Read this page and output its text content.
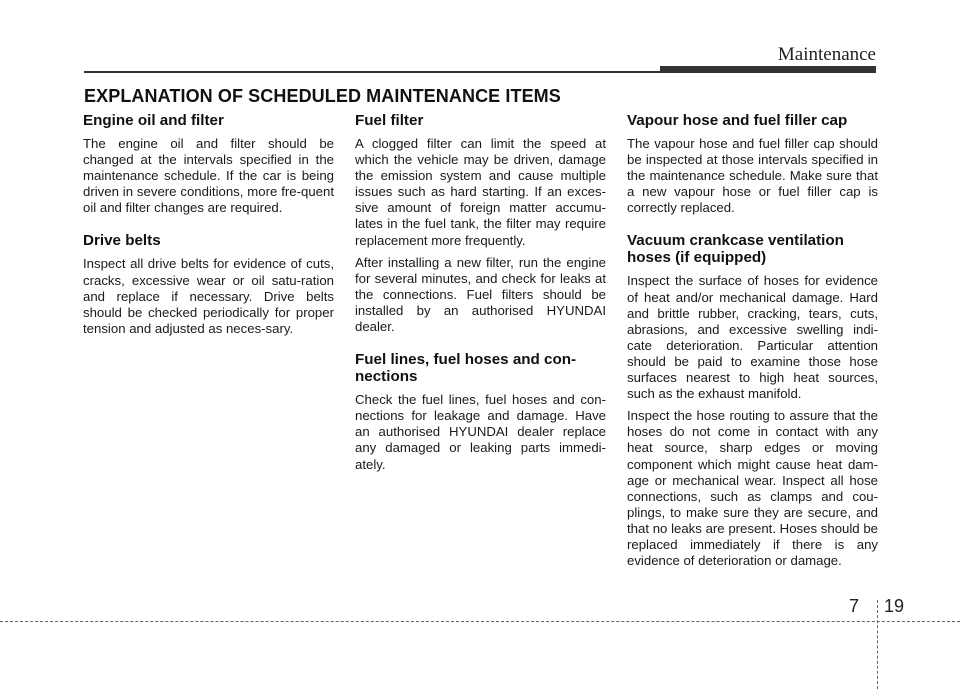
Maintenance
EXPLANATION OF SCHEDULED MAINTENANCE ITEMS
Engine oil and filter

The engine oil and filter should be changed at the intervals specified in the maintenance schedule. If the car is being driven in severe conditions, more fre-quent oil and filter changes are required.

Drive belts

Inspect all drive belts for evidence of cuts, cracks, excessive wear or oil satu-ration and replace if necessary. Drive belts should be checked periodically for proper tension and adjusted as neces-sary.

Fuel filter

A clogged filter can limit the speed at which the vehicle may be driven, damage the emission system and cause multiple issues such as hard starting. If an exces-sive amount of foreign matter accumu-lates in the fuel tank, the filter may require replacement more frequently.

After installing a new filter, run the engine for several minutes, and check for leaks at the connections. Fuel filters should be installed by an authorised HYUNDAI dealer.

Fuel lines, fuel hoses and con-nections

Check the fuel lines, fuel hoses and con-nections for leakage and damage. Have an authorised HYUNDAI dealer replace any damaged or leaking parts immedi-ately.

Vapour hose and fuel filler cap

The vapour hose and fuel filler cap should be inspected at those intervals specified in the maintenance schedule. Make sure that a new vapour hose or fuel filler cap is correctly replaced.

Vacuum crankcase ventilation hoses (if equipped)

Inspect the surface of hoses for evidence of heat and/or mechanical damage. Hard and brittle rubber, cracking, tears, cuts, abrasions, and excessive swelling indi-cate deterioration. Particular attention should be paid to examine those hose surfaces nearest to high heat sources, such as the exhaust manifold.

Inspect the hose routing to assure that the hoses do not come in contact with any heat source, sharp edges or moving component which might cause heat dam-age or mechanical wear. Inspect all hose connections, such as clamps and cou-plings, to make sure they are secure, and that no leaks are present. Hoses should be replaced immediately if there is any evidence of deterioration or damage.

7 19
